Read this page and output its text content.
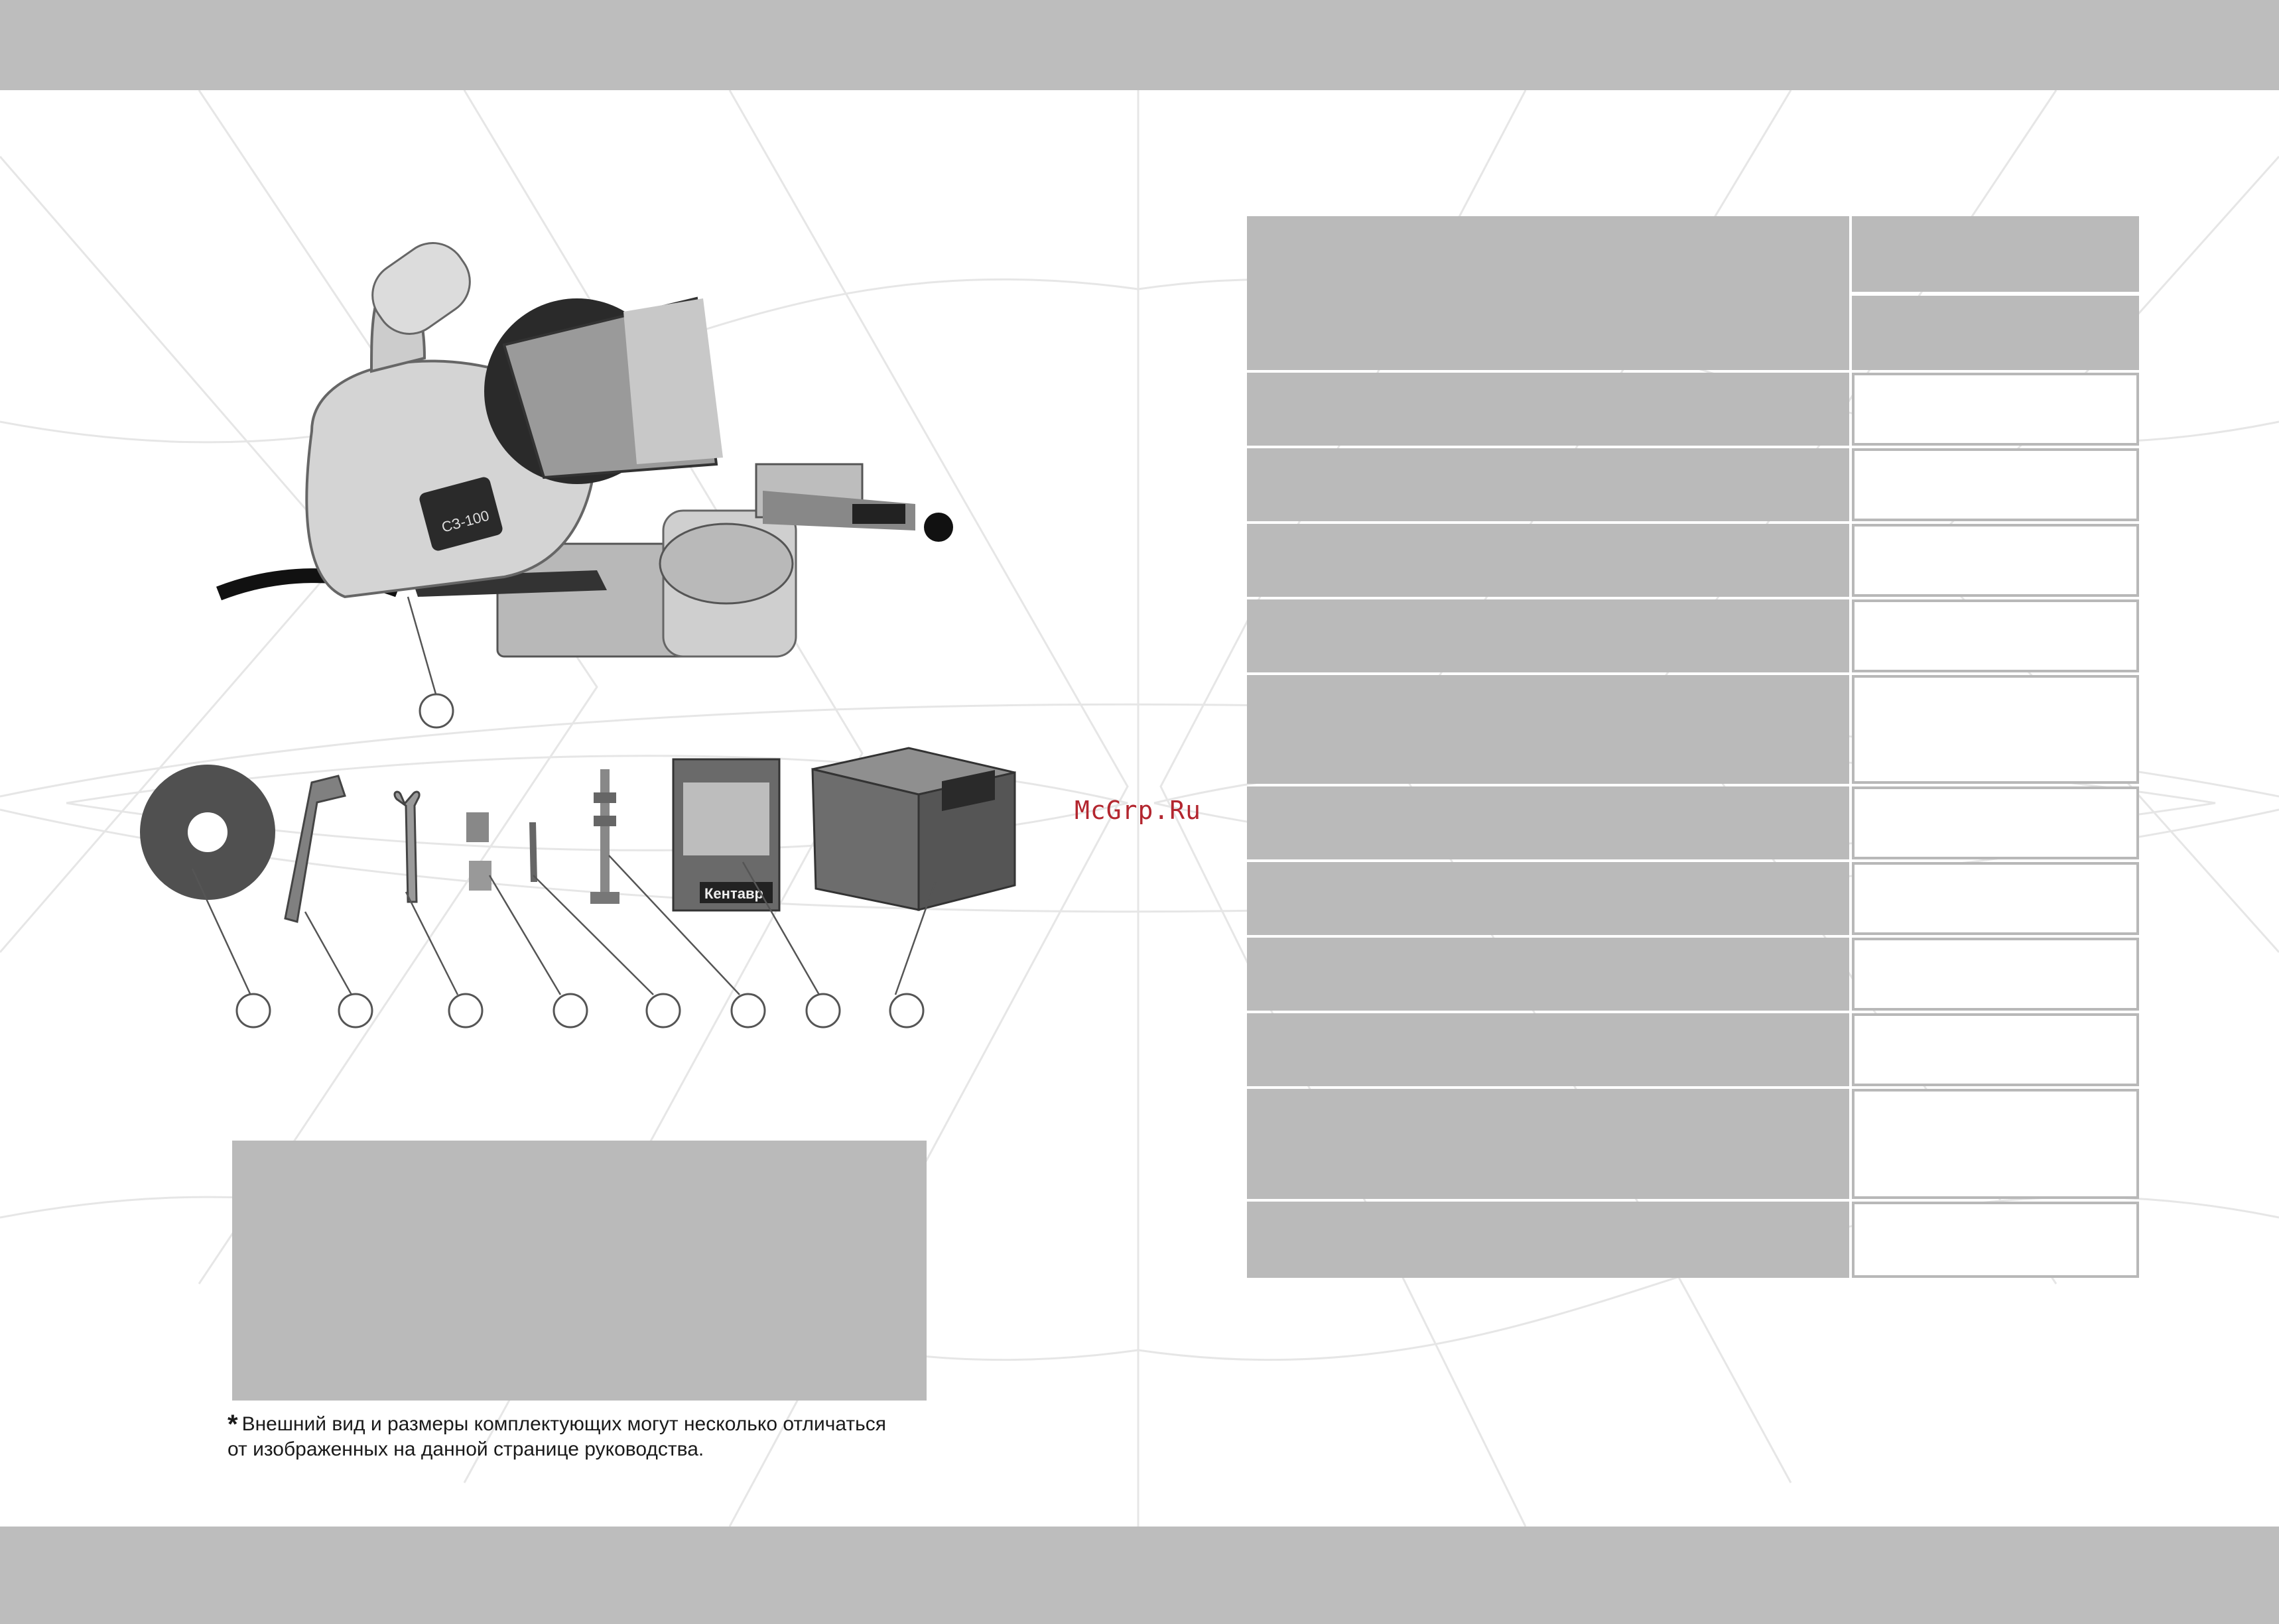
СЗ-100
Кентавр
* Внешний вид и размеры комплектующих могут несколько отличаться
от изображенных на данной странице руководства.
McGrp.Ru
